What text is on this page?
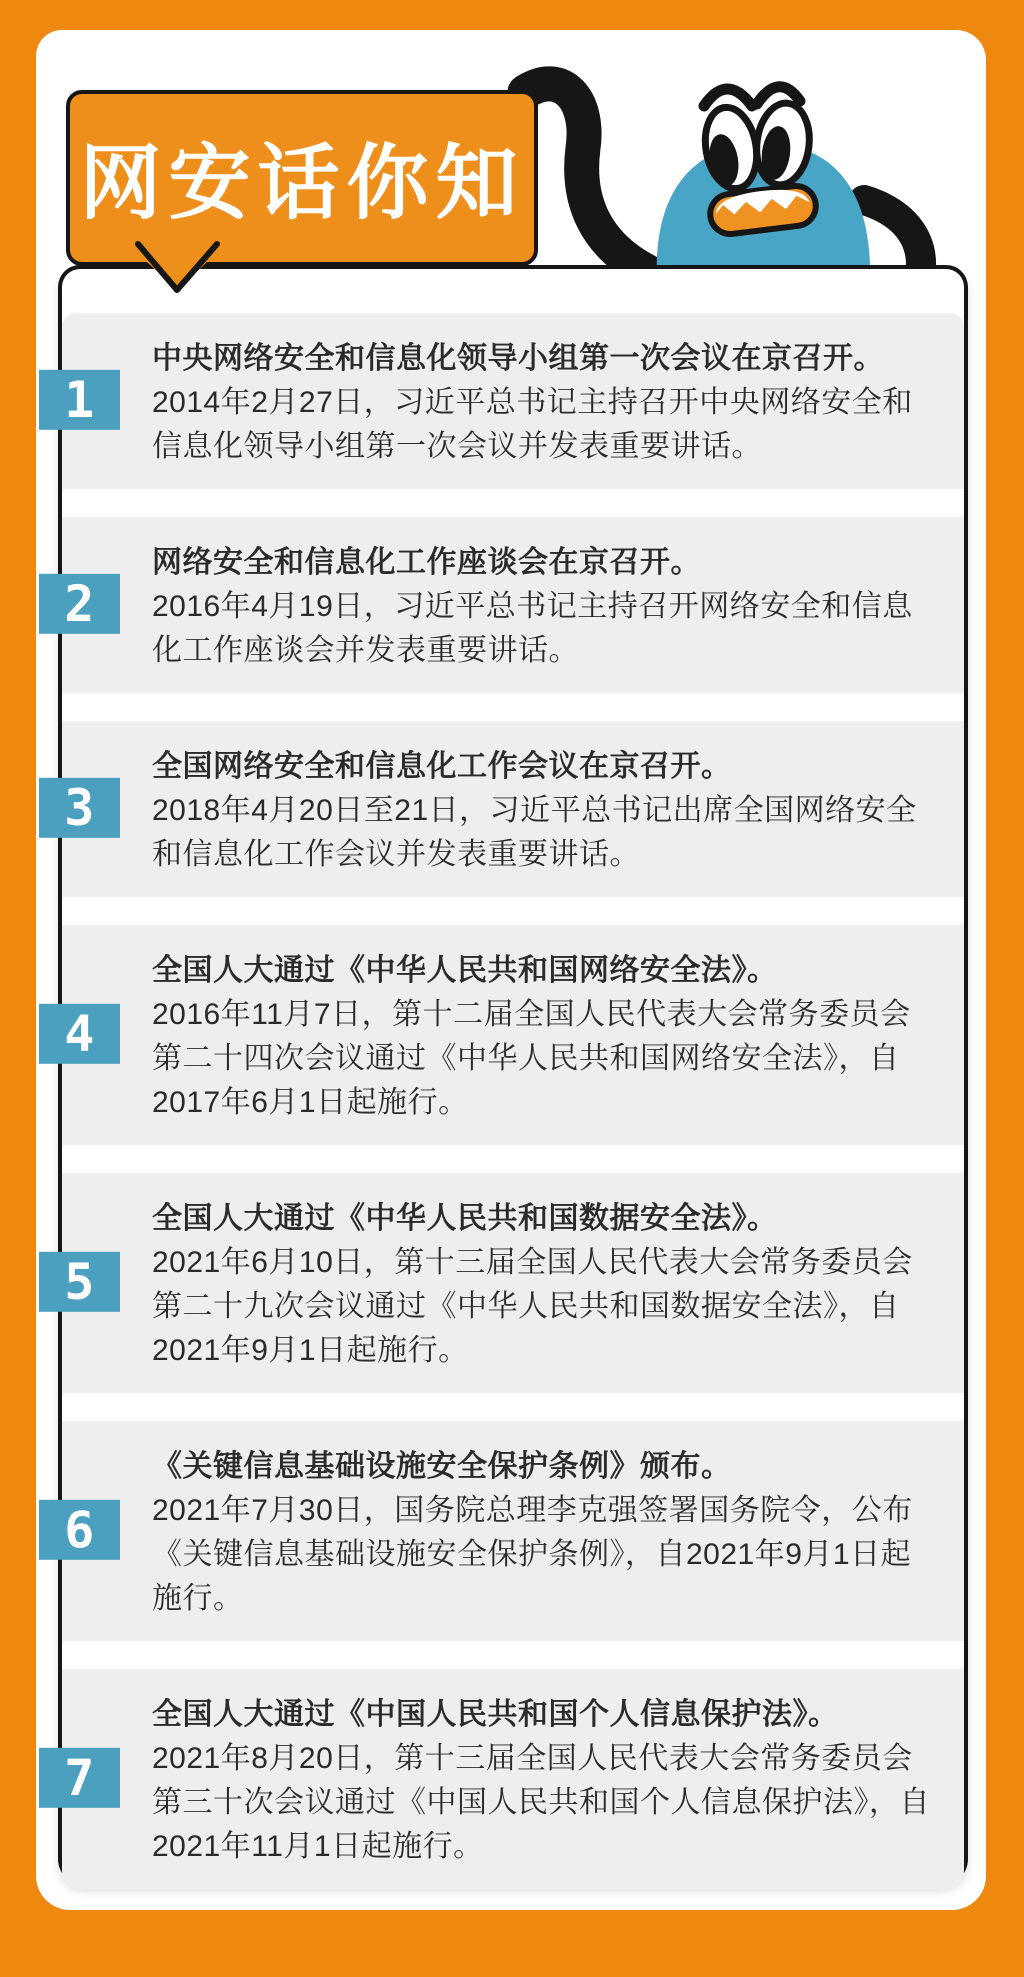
网安话你知
1
中央网络安全和信息化领导小组第一次会议在京召开。
2014年2月27日，习近平总书记主持召开中央网络安全和信息化领导小组第一次会议并发表重要讲话。
2
网络安全和信息化工作座谈会在京召开。
2016年4月19日，习近平总书记主持召开网络安全和信息化工作座谈会并发表重要讲话。
3
全国网络安全和信息化工作会议在京召开。
2018年4月20日至21日，习近平总书记出席全国网络安全和信息化工作会议并发表重要讲话。
4
全国人大通过《中华人民共和国网络安全法》。
2016年11月7日，第十二届全国人民代表大会常务委员会第二十四次会议通过《中华人民共和国网络安全法》，自2017年6月1日起施行。
5
全国人大通过《中华人民共和国数据安全法》。
2021年6月10日，第十三届全国人民代表大会常务委员会第二十九次会议通过《中华人民共和国数据安全法》，自2021年9月1日起施行。
6
《关键信息基础设施安全保护条例》颁布。
2021年7月30日，国务院总理李克强签署国务院令，公布《关键信息基础设施安全保护条例》，自2021年9月1日起施行。
7
全国人大通过《中国人民共和国个人信息保护法》。
2021年8月20日，第十三届全国人民代表大会常务委员会第三十次会议通过《中国人民共和国个人信息保护法》，自2021年11月1日起施行。
